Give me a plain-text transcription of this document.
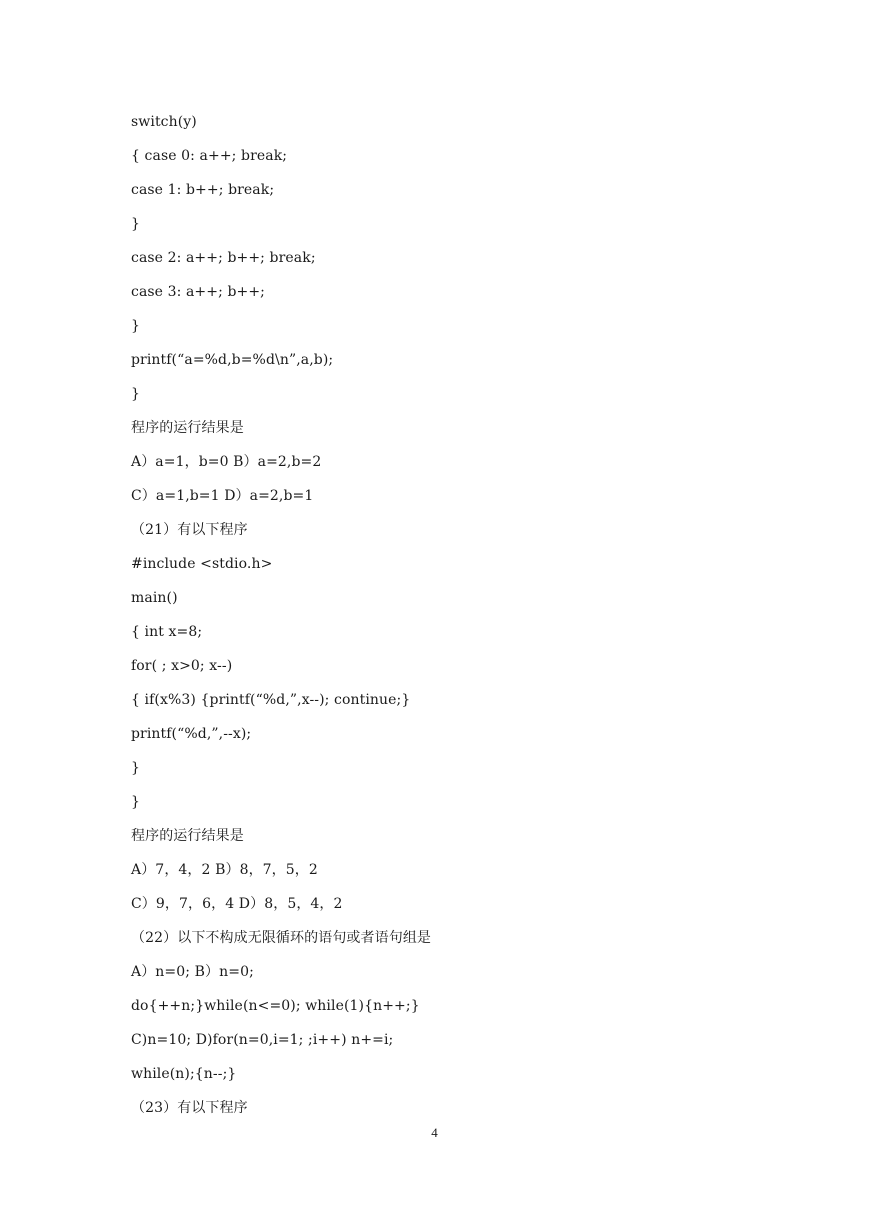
switch(y)
{ case 0: a++; break;
case 1: b++; break;
}
case 2: a++; b++; break;
case 3: a++; b++;
}
printf(“a=%d,b=%d\n”,a,b);
}
程序的运行结果是
A）a=1，b=0 B）a=2,b=2
C）a=1,b=1 D）a=2,b=1
（21）有以下程序
#include <stdio.h>
main()
{ int x=8;
for( ; x>0; x--)
{ if(x%3) {printf(“%d,”,x--); continue;}
printf(“%d,”,--x);
}
}
程序的运行结果是
A）7，4，2 B）8，7，5，2
C）9，7，6，4 D）8，5，4，2
（22）以下不构成无限循环的语句或者语句组是
A）n=0; B）n=0;
do{++n;}while(n<=0); while(1){n++;}
C)n=10; D)for(n=0,i=1; ;i++) n+=i;
while(n);{n--;}
（23）有以下程序
4
